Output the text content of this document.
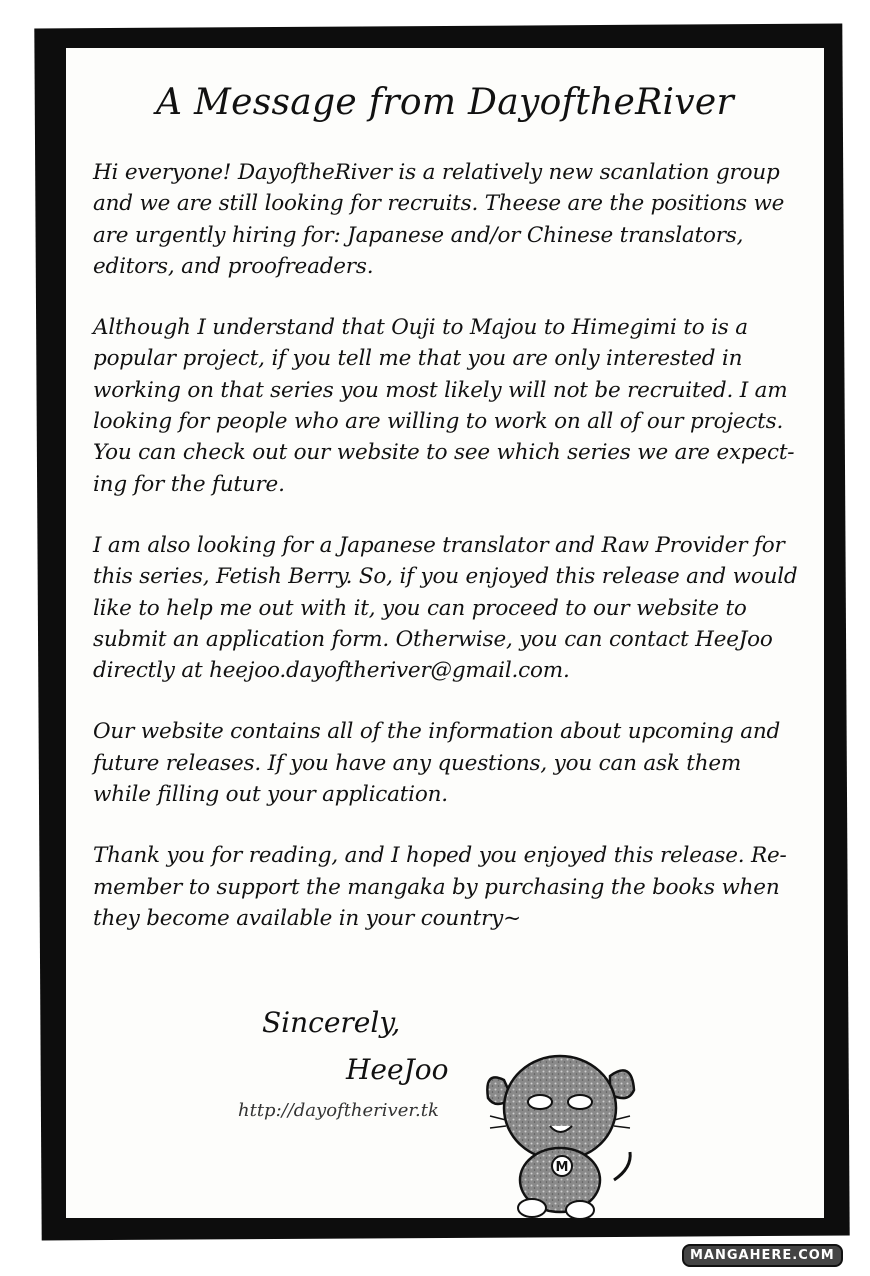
A Message from DayoftheRiver

Hi everyone! DayoftheRiver is a relatively new scanlation group and we are still looking for recruits. Theese are the positions we are urgently hiring for: Japanese and/or Chinese translators, editors, and proofreaders.

Although I understand that Ouji to Majou to Himegimi to is a popular project, if you tell me that you are only interested in working on that series you most likely will not be recruited. I am looking for people who are willing to work on all of our projects. You can check out our website to see which series we are expect-ing for the future.

I am also looking for a Japanese translator and Raw Provider for this series, Fetish Berry. So, if you enjoyed this release and would like to help me out with it, you can proceed to our website to submit an application form. Otherwise, you can contact HeeJoo directly at heejoo.dayoftheriver@gmail.com.

Our website contains all of the information about upcoming and future releases. If you have any questions, you can ask them while filling out your application.

Thank you for reading, and I hoped you enjoyed this release. Re-member to support the mangaka by purchasing the books when they become available in your country~

Sincerely,
HeeJoo
http://dayoftheriver.tk
M
MANGAHERE.COM
